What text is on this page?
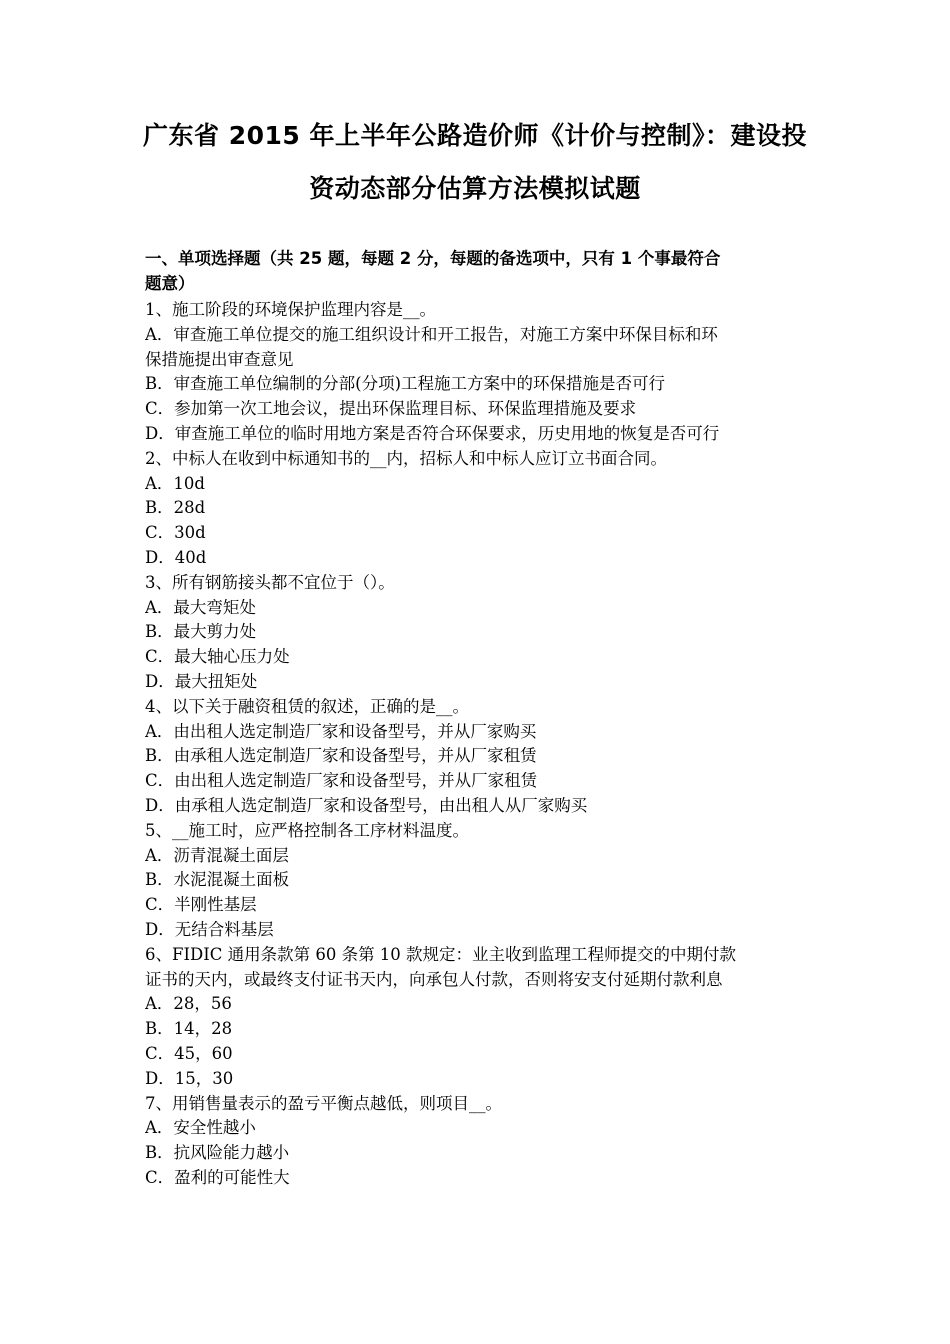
广东省 2015 年上半年公路造价师《计价与控制》：建设投
资动态部分估算方法模拟试题
一、单项选择题（共 25 题，每题 2 分，每题的备选项中，只有 1 个事最符合
题意）
1、施工阶段的环境保护监理内容是__。
A．审查施工单位提交的施工组织设计和开工报告，对施工方案中环保目标和环
保措施提出审查意见
B．审查施工单位编制的分部(分项)工程施工方案中的环保措施是否可行
C．参加第一次工地会议，提出环保监理目标、环保监理措施及要求
D．审查施工单位的临时用地方案是否符合环保要求，历史用地的恢复是否可行
2、中标人在收到中标通知书的__内，招标人和中标人应订立书面合同。
A．10d
B．28d
C．30d
D．40d
3、所有钢筋接头都不宜位于（）。
A．最大弯矩处
B．最大剪力处
C．最大轴心压力处
D．最大扭矩处
4、以下关于融资租赁的叙述，正确的是__。
A．由出租人选定制造厂家和设备型号，并从厂家购买
B．由承租人选定制造厂家和设备型号，并从厂家租赁
C．由出租人选定制造厂家和设备型号，并从厂家租赁
D．由承租人选定制造厂家和设备型号，由出租人从厂家购买
5、__施工时，应严格控制各工序材料温度。
A．沥青混凝土面层
B．水泥混凝土面板
C．半刚性基层
D．无结合料基层
6、FIDIC 通用条款第 60 条第 10 款规定：业主收到监理工程师提交的中期付款
证书的天内，或最终支付证书天内，向承包人付款，否则将安支付延期付款利息
A．28，56
B．14，28
C．45，60
D．15，30
7、用销售量表示的盈亏平衡点越低，则项目__。
A．安全性越小
B．抗风险能力越小
C．盈利的可能性大
